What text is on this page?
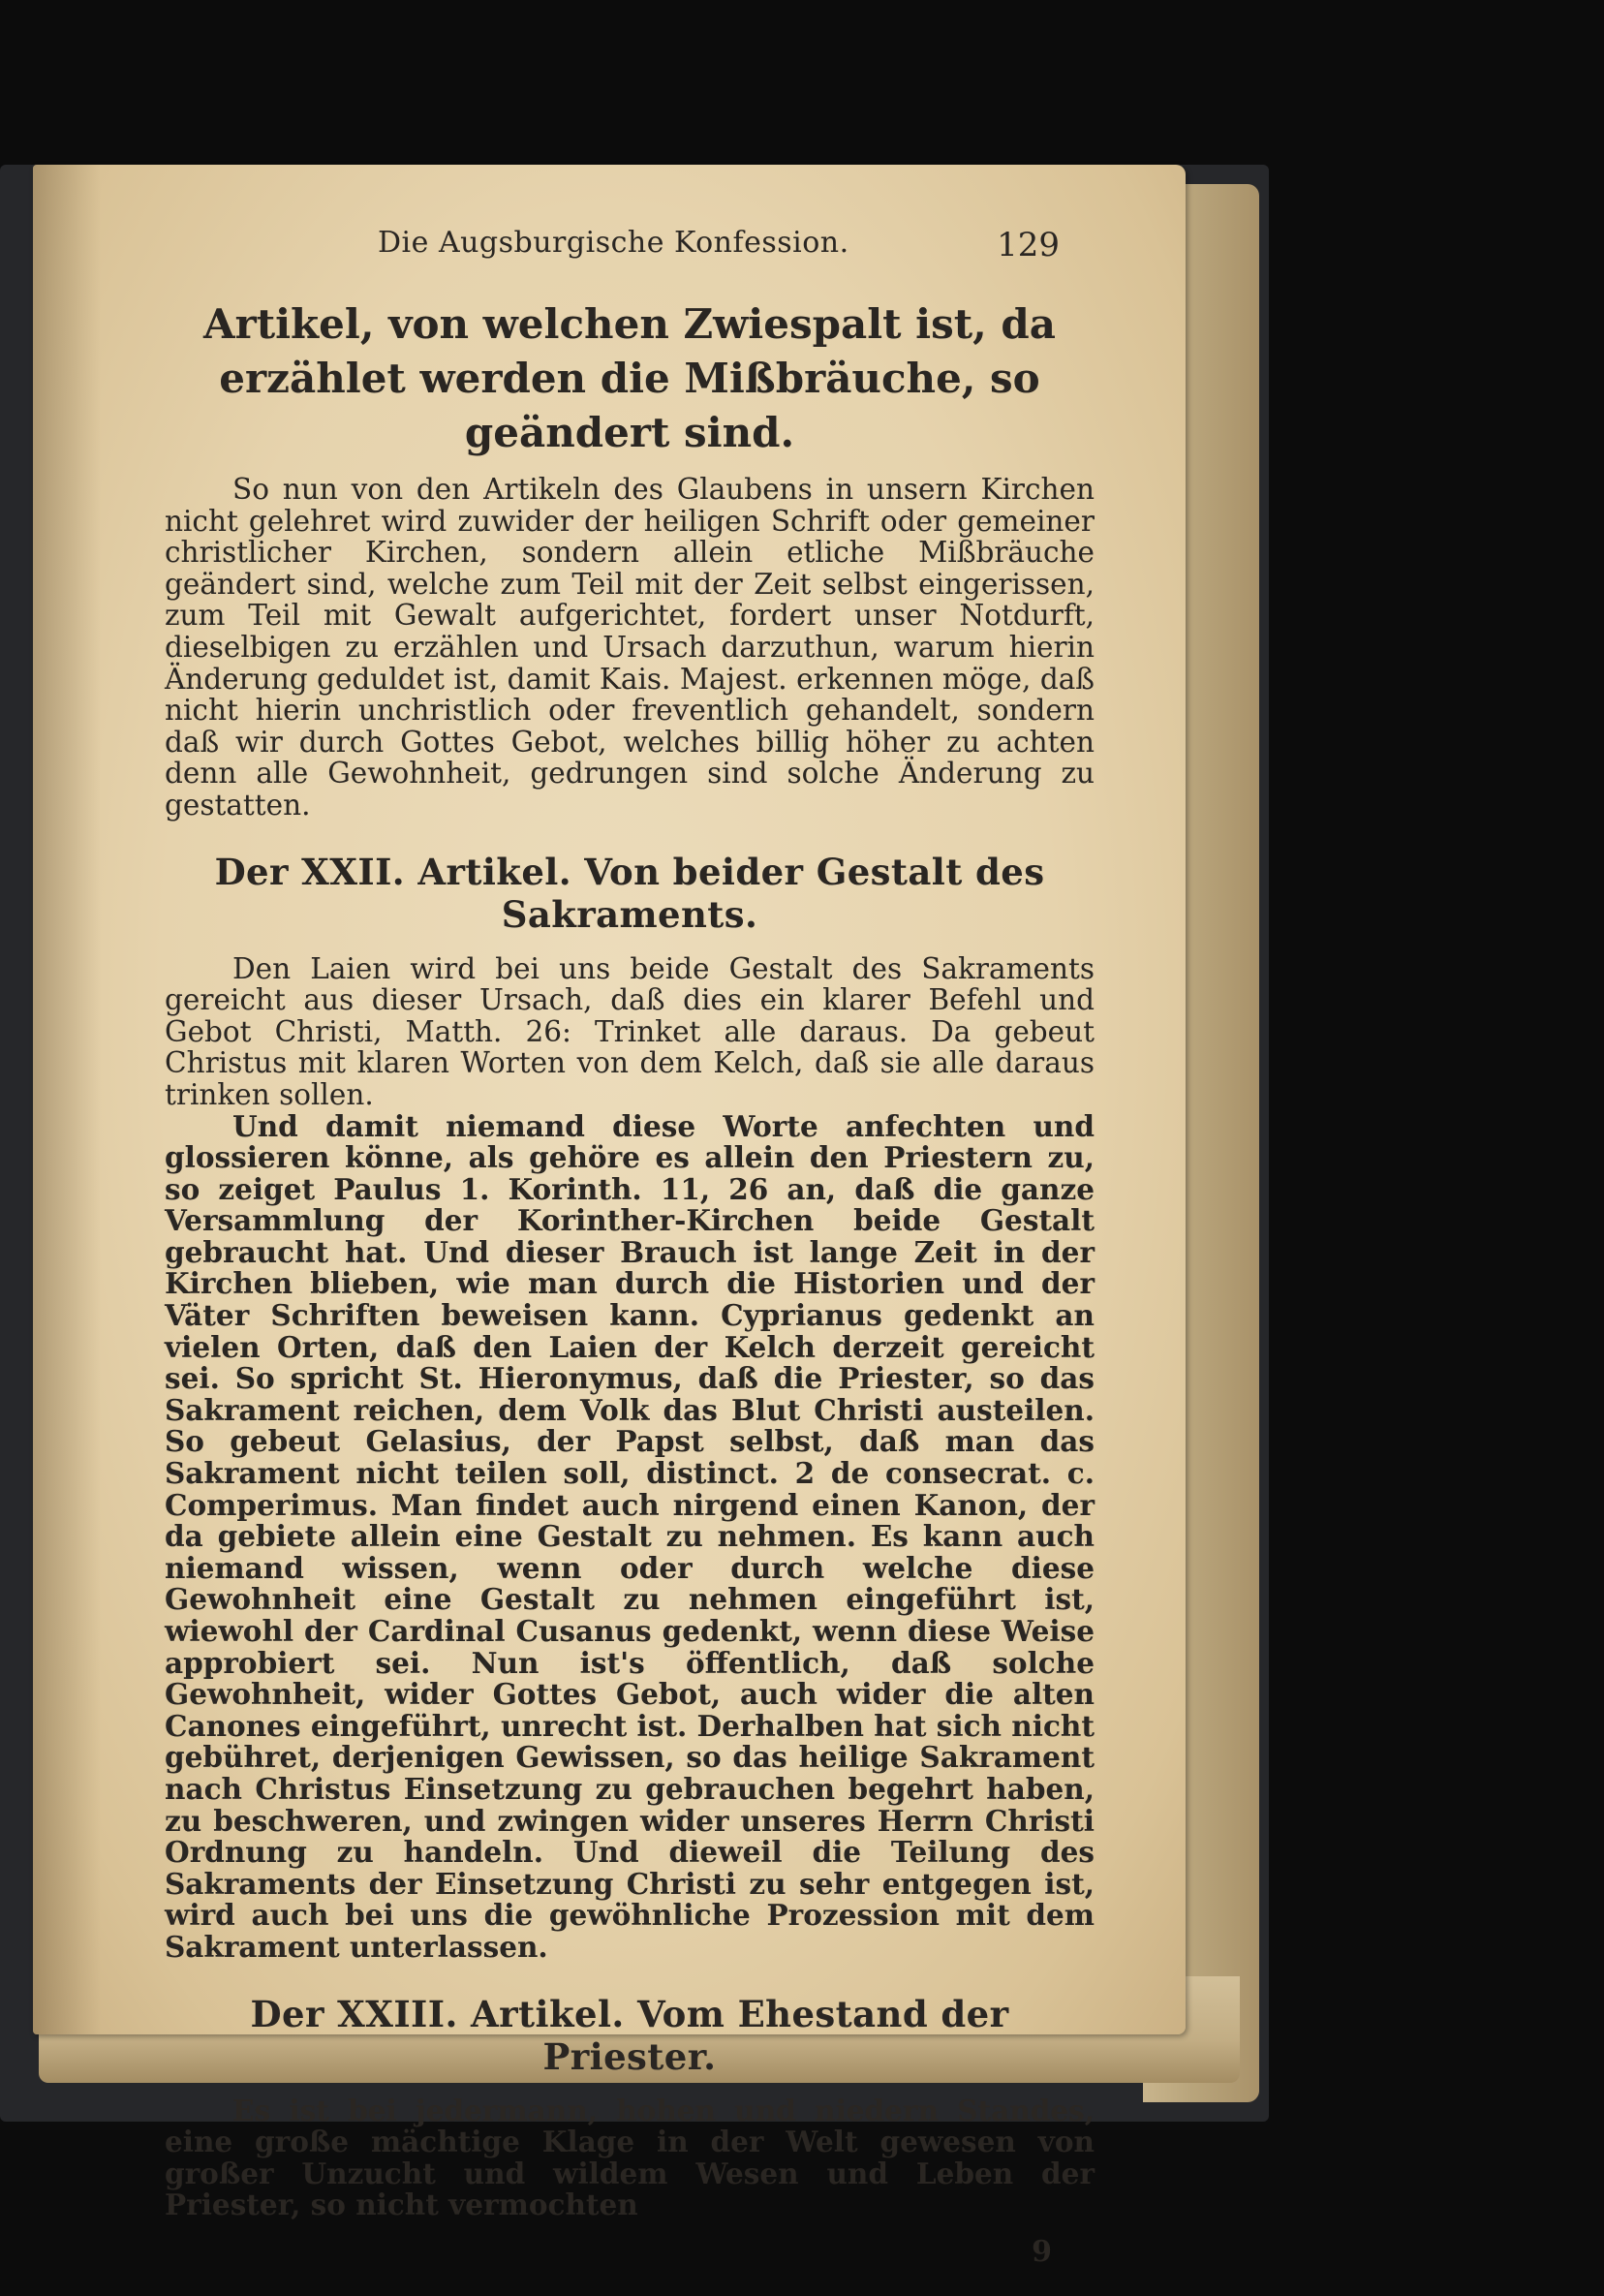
Die Augsburgische Konfession.	129
Artikel, von welchen Zwiespalt ist, da erzählet werden die Mißbräuche, so geändert sind.

So nun von den Artikeln des Glaubens in unsern Kirchen nicht gelehret wird zuwider der heiligen Schrift oder gemeiner christlicher Kirchen, sondern allein etliche Mißbräuche geändert sind, welche zum Teil mit der Zeit selbst eingerissen, zum Teil mit Gewalt aufgerichtet, fordert unser Notdurft, dieselbigen zu erzählen und Ursach darzuthun, warum hierin Änderung geduldet ist, damit Kais. Majest. erkennen möge, daß nicht hierin unchristlich oder freventlich gehandelt, sondern daß wir durch Gottes Gebot, welches billig höher zu achten denn alle Gewohnheit, gedrungen sind solche Änderung zu gestatten.

Der XXII. Artikel. Von beider Gestalt des Sakraments.

Den Laien wird bei uns beide Gestalt des Sakraments gereicht aus dieser Ursach, daß dies ein klarer Befehl und Gebot Christi, Matth. 26: Trinket alle daraus. Da gebeut Christus mit klaren Worten von dem Kelch, daß sie alle daraus trinken sollen.

Und damit niemand diese Worte anfechten und glossieren könne, als gehöre es allein den Priestern zu, so zeiget Paulus 1. Korinth. 11, 26 an, daß die ganze Versammlung der Korinther-Kirchen beide Gestalt gebraucht hat. Und dieser Brauch ist lange Zeit in der Kirchen blieben, wie man durch die Historien und der Väter Schriften beweisen kann. Cyprianus gedenkt an vielen Orten, daß den Laien der Kelch derzeit gereicht sei. So spricht St. Hieronymus, daß die Priester, so das Sakrament reichen, dem Volk das Blut Christi austeilen. So gebeut Gelasius, der Papst selbst, daß man das Sakrament nicht teilen soll, distinct. 2 de consecrat. c. Comperimus. Man findet auch nirgend einen Kanon, der da gebiete allein eine Gestalt zu nehmen. Es kann auch niemand wissen, wenn oder durch welche diese Gewohnheit eine Gestalt zu nehmen eingeführt ist, wiewohl der Cardinal Cusanus gedenkt, wenn diese Weise approbiert sei. Nun ist's öffentlich, daß solche Gewohnheit, wider Gottes Gebot, auch wider die alten Canones eingeführt, unrecht ist. Derhalben hat sich nicht gebühret, derjenigen Gewissen, so das heilige Sakrament nach Christus Einsetzung zu gebrauchen begehrt haben, zu beschweren, und zwingen wider unseres Herrn Christi Ordnung zu handeln. Und dieweil die Teilung des Sakraments der Einsetzung Christi zu sehr entgegen ist, wird auch bei uns die gewöhnliche Prozession mit dem Sakrament unterlassen.

Der XXIII. Artikel. Vom Ehestand der Priester.

Es ist bei jedermann, hohen und niedern Standes, eine große mächtige Klage in der Welt gewesen von großer Unzucht und wildem Wesen und Leben der Priester, so nicht vermochten

9
